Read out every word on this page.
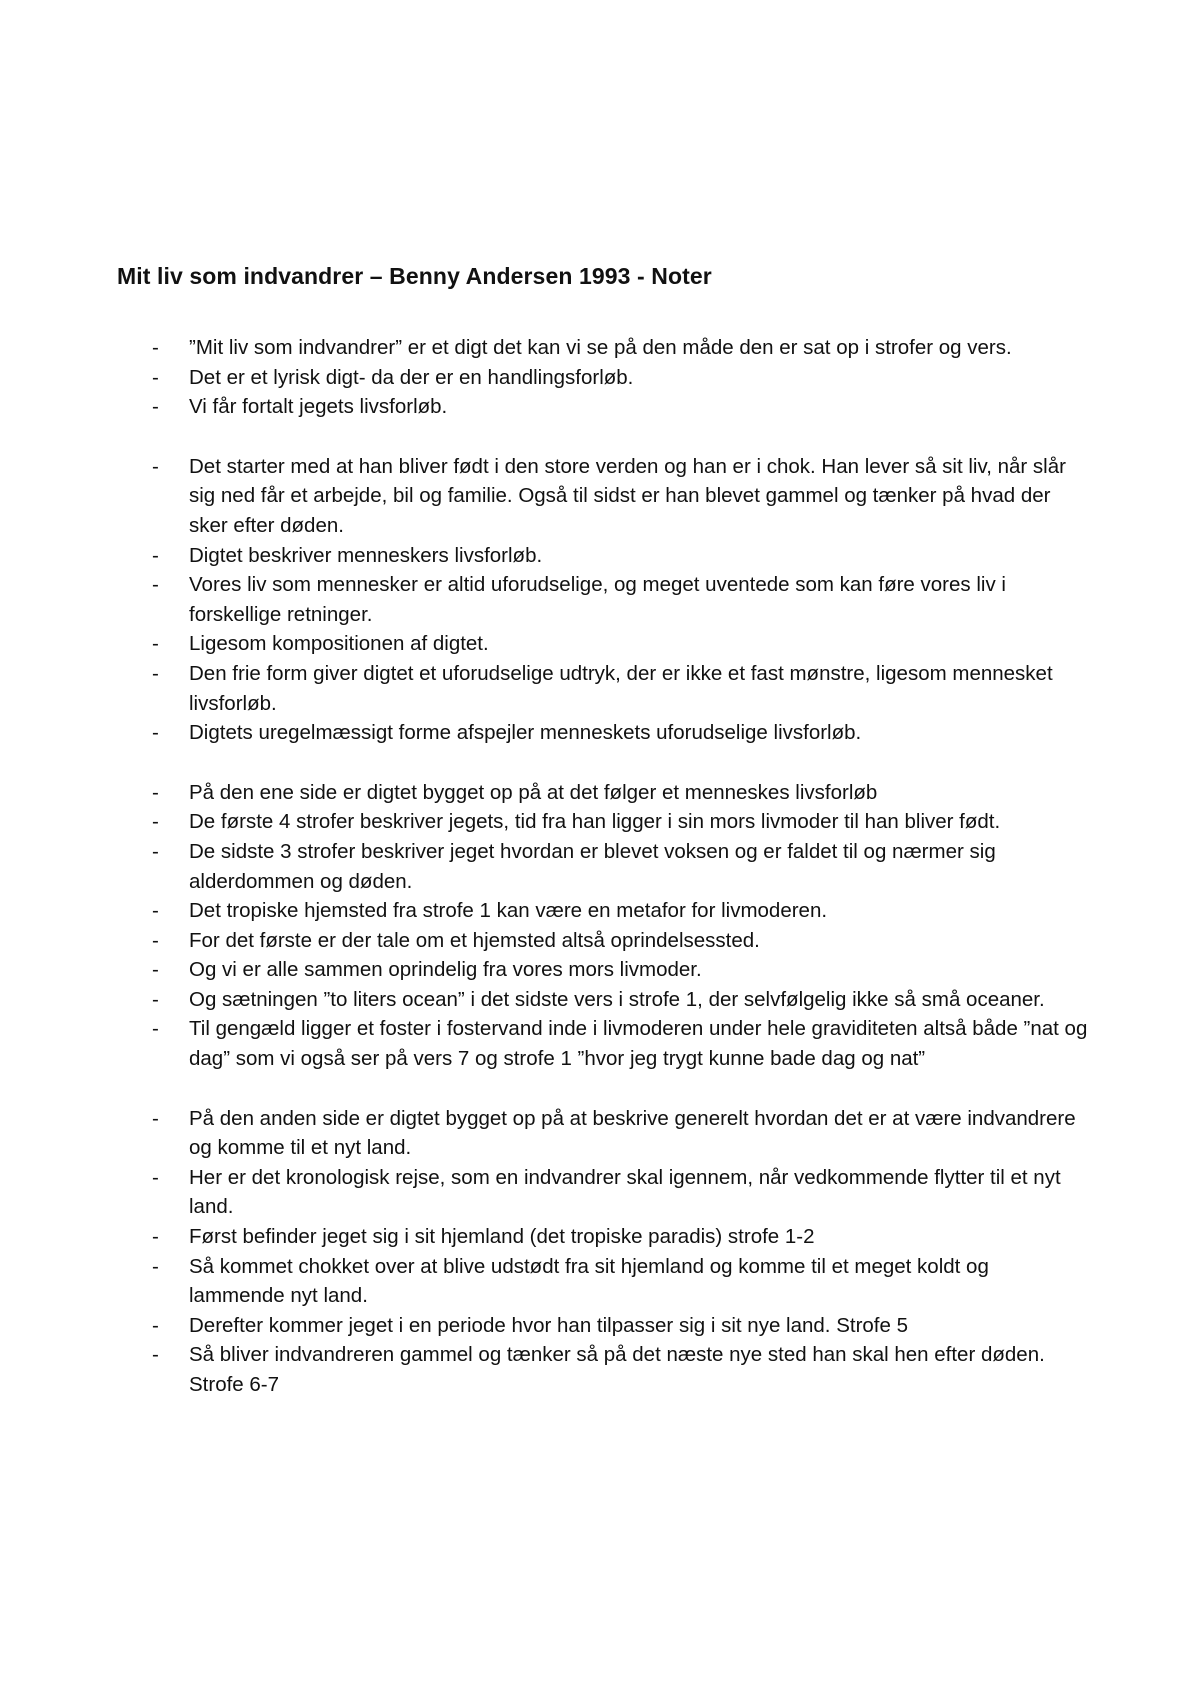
Mit liv som indvandrer – Benny Andersen 1993 - Noter
- ”Mit liv som indvandrer” er et digt det kan vi se på den måde den er sat op i strofer og vers.
- Det er et lyrisk digt- da der er en handlingsforløb.
- Vi får fortalt jegets livsforløb.
- Det starter med at han bliver født i den store verden og han er i chok. Han lever så sit liv, når slår sig ned får et arbejde, bil og familie. Også til sidst er han blevet gammel og tænker på hvad der sker efter døden.
- Digtet beskriver menneskers livsforløb.
- Vores liv som mennesker er altid uforudselige, og meget uventede som kan føre vores liv i forskellige retninger.
- Ligesom kompositionen af digtet.
- Den frie form giver digtet et uforudselige udtryk, der er ikke et fast mønstre, ligesom mennesket livsforløb.
- Digtets uregelmæssigt forme afspejler menneskets uforudselige livsforløb.
- På den ene side er digtet bygget op på at det følger et menneskes livsforløb
- De første 4 strofer beskriver jegets, tid fra han ligger i sin mors livmoder til han bliver født.
- De sidste 3 strofer beskriver jeget hvordan er blevet voksen og er faldet til og nærmer sig alderdommen og døden.
- Det tropiske hjemsted fra strofe 1 kan være en metafor for livmoderen.
- For det første er der tale om et hjemsted altså oprindelsessted.
- Og vi er alle sammen oprindelig fra vores mors livmoder.
- Og sætningen ”to liters ocean” i det sidste vers i strofe 1, der selvfølgelig ikke så små oceaner.
- Til gengæld ligger et foster i fostervand inde i livmoderen under hele graviditeten altså både ”nat og dag” som vi også ser på vers 7 og strofe 1 ”hvor jeg trygt kunne bade dag og nat”
- På den anden side er digtet bygget op på at beskrive generelt hvordan det er at være indvandrere og komme til et nyt land.
- Her er det kronologisk rejse, som en indvandrer skal igennem, når vedkommende flytter til et nyt land.
- Først befinder jeget sig i sit hjemland (det tropiske paradis) strofe 1-2
- Så kommet chokket over at blive udstødt fra sit hjemland og komme til et meget koldt og lammende nyt land.
- Derefter kommer jeget i en periode hvor han tilpasser sig i sit nye land. Strofe 5
- Så bliver indvandreren gammel og tænker så på det næste nye sted han skal hen efter døden. Strofe 6-7
